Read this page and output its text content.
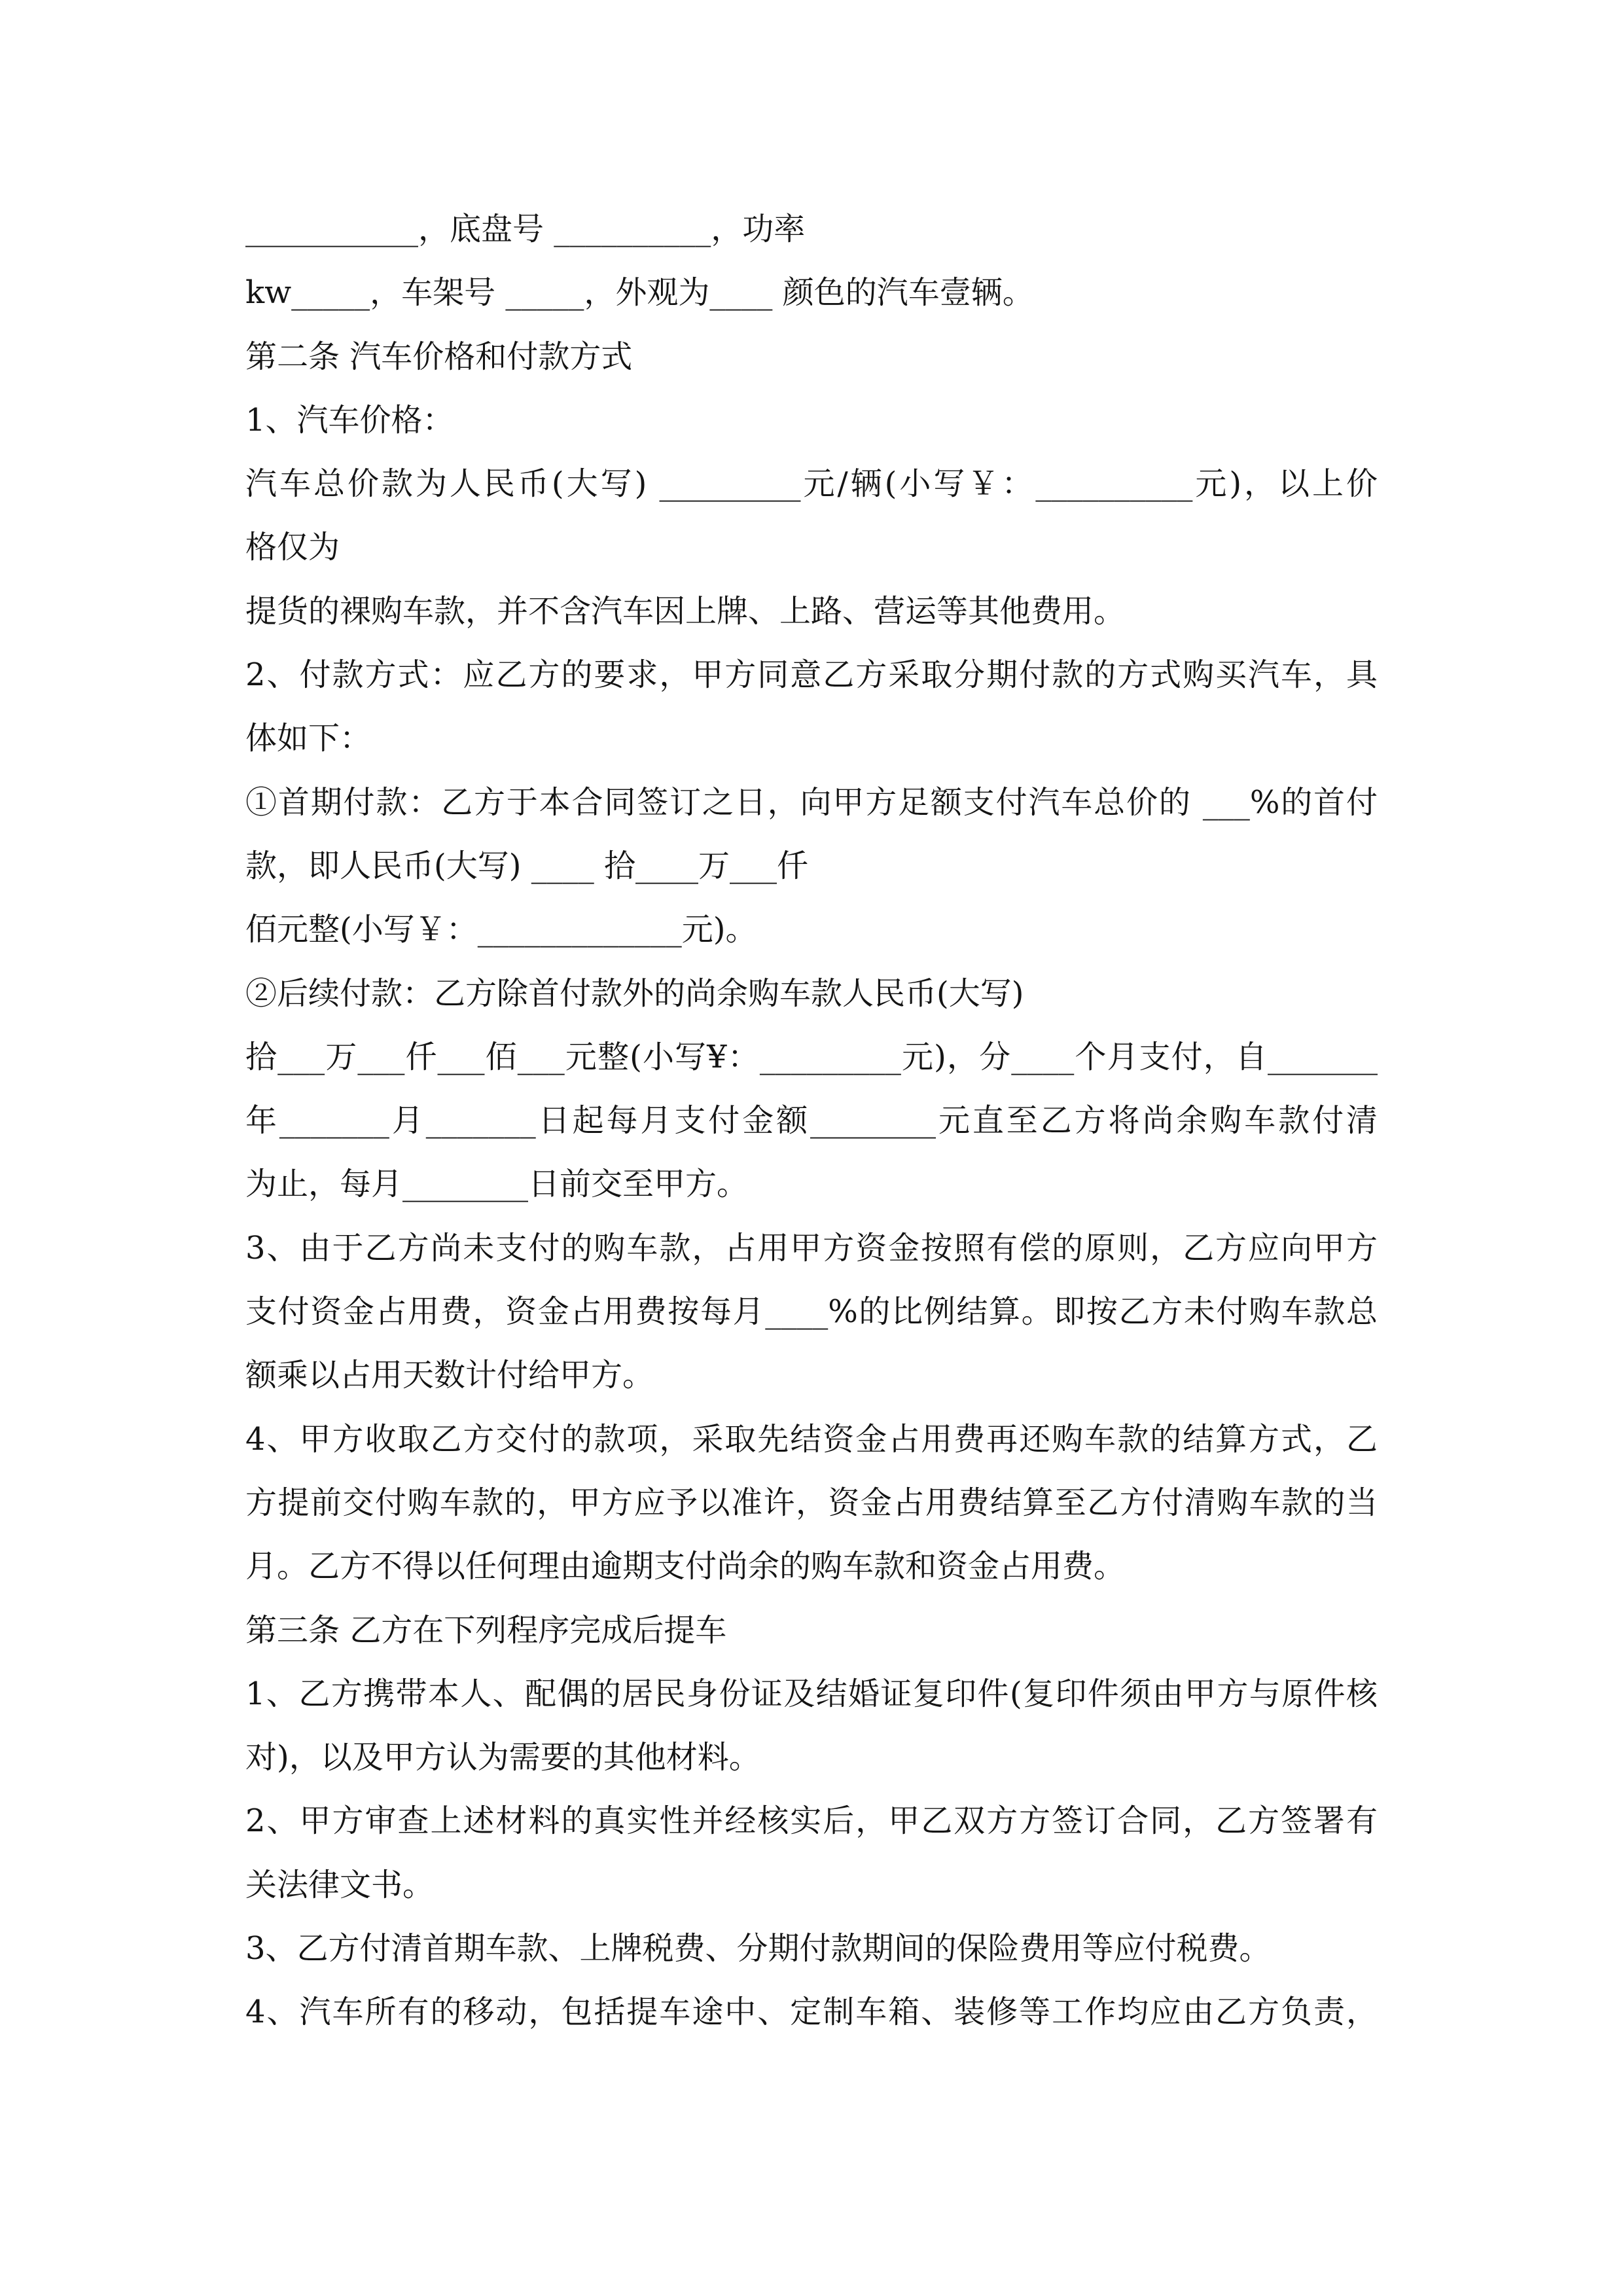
___________，底盘号 __________，功率
kw_____，车架号 _____，外观为____ 颜色的汽车壹辆。
第二条 汽车价格和付款方式
1、汽车价格：
汽车总价款为人民币(大写) _________元/辆(小写￥：__________元)，以上价
格仅为
提货的裸购车款，并不含汽车因上牌、上路、营运等其他费用。
2、付款方式：应乙方的要求，甲方同意乙方采取分期付款的方式购买汽车，具
体如下：
①首期付款：乙方于本合同签订之日，向甲方足额支付汽车总价的 ___%的首付
款，即人民币(大写) ____ 拾____万___仟
佰元整(小写￥：_____________元)。
②后续付款：乙方除首付款外的尚余购车款人民币(大写)
拾___万___仟___佰___元整(小写¥：_________元)，分____个月支付，自_______
年_______月_______日起每月支付金额________元直至乙方将尚余购车款付清
为止，每月________日前交至甲方。
3、由于乙方尚未支付的购车款，占用甲方资金按照有偿的原则，乙方应向甲方
支付资金占用费，资金占用费按每月____%的比例结算。即按乙方未付购车款总
额乘以占用天数计付给甲方。
4、甲方收取乙方交付的款项，采取先结资金占用费再还购车款的结算方式，乙
方提前交付购车款的，甲方应予以准许，资金占用费结算至乙方付清购车款的当
月。乙方不得以任何理由逾期支付尚余的购车款和资金占用费。
第三条 乙方在下列程序完成后提车
1、乙方携带本人、配偶的居民身份证及结婚证复印件(复印件须由甲方与原件核
对)，以及甲方认为需要的其他材料。
2、甲方审查上述材料的真实性并经核实后，甲乙双方方签订合同，乙方签署有
关法律文书。
3、乙方付清首期车款、上牌税费、分期付款期间的保险费用等应付税费。
4、汽车所有的移动，包括提车途中、定制车箱、装修等工作均应由乙方负责，
